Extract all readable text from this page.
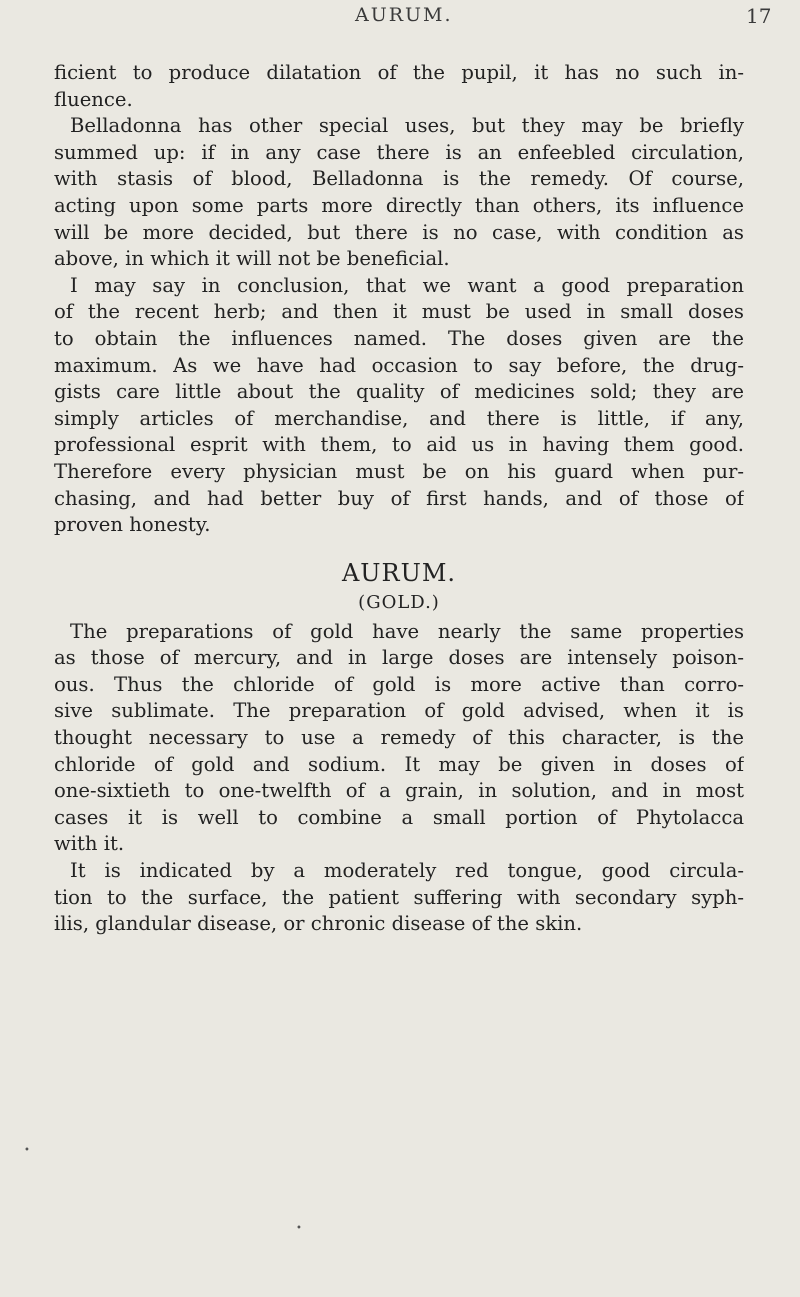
AURUM.	17
ficient to produce dilatation of the pupil, it has no such in-
fluence.
Belladonna has other special uses, but they may be briefly
summed up: if in any case there is an enfeebled circulation,
with stasis of blood, Belladonna is the remedy. Of course,
acting upon some parts more directly than others, its influence
will be more decided, but there is no case, with condition as
above, in which it will not be beneficial.
I may say in conclusion, that we want a good preparation
of the recent herb; and then it must be used in small doses
to obtain the influences named. The doses given are the
maximum. As we have had occasion to say before, the drug-
gists care little about the quality of medicines sold; they are
simply articles of merchandise, and there is little, if any,
professional esprit with them, to aid us in having them good.
Therefore every physician must be on his guard when pur-
chasing, and had better buy of first hands, and of those of
proven honesty.
AURUM.
(GOLD.)
The preparations of gold have nearly the same properties
as those of mercury, and in large doses are intensely poison-
ous. Thus the chloride of gold is more active than corro-
sive sublimate. The preparation of gold advised, when it is
thought necessary to use a remedy of this character, is the
chloride of gold and sodium. It may be given in doses of
one-sixtieth to one-twelfth of a grain, in solution, and in most
cases it is well to combine a small portion of Phytolacca
with it.
It is indicated by a moderately red tongue, good circula-
tion to the surface, the patient suffering with secondary syph-
ilis, glandular disease, or chronic disease of the skin.
•
•
